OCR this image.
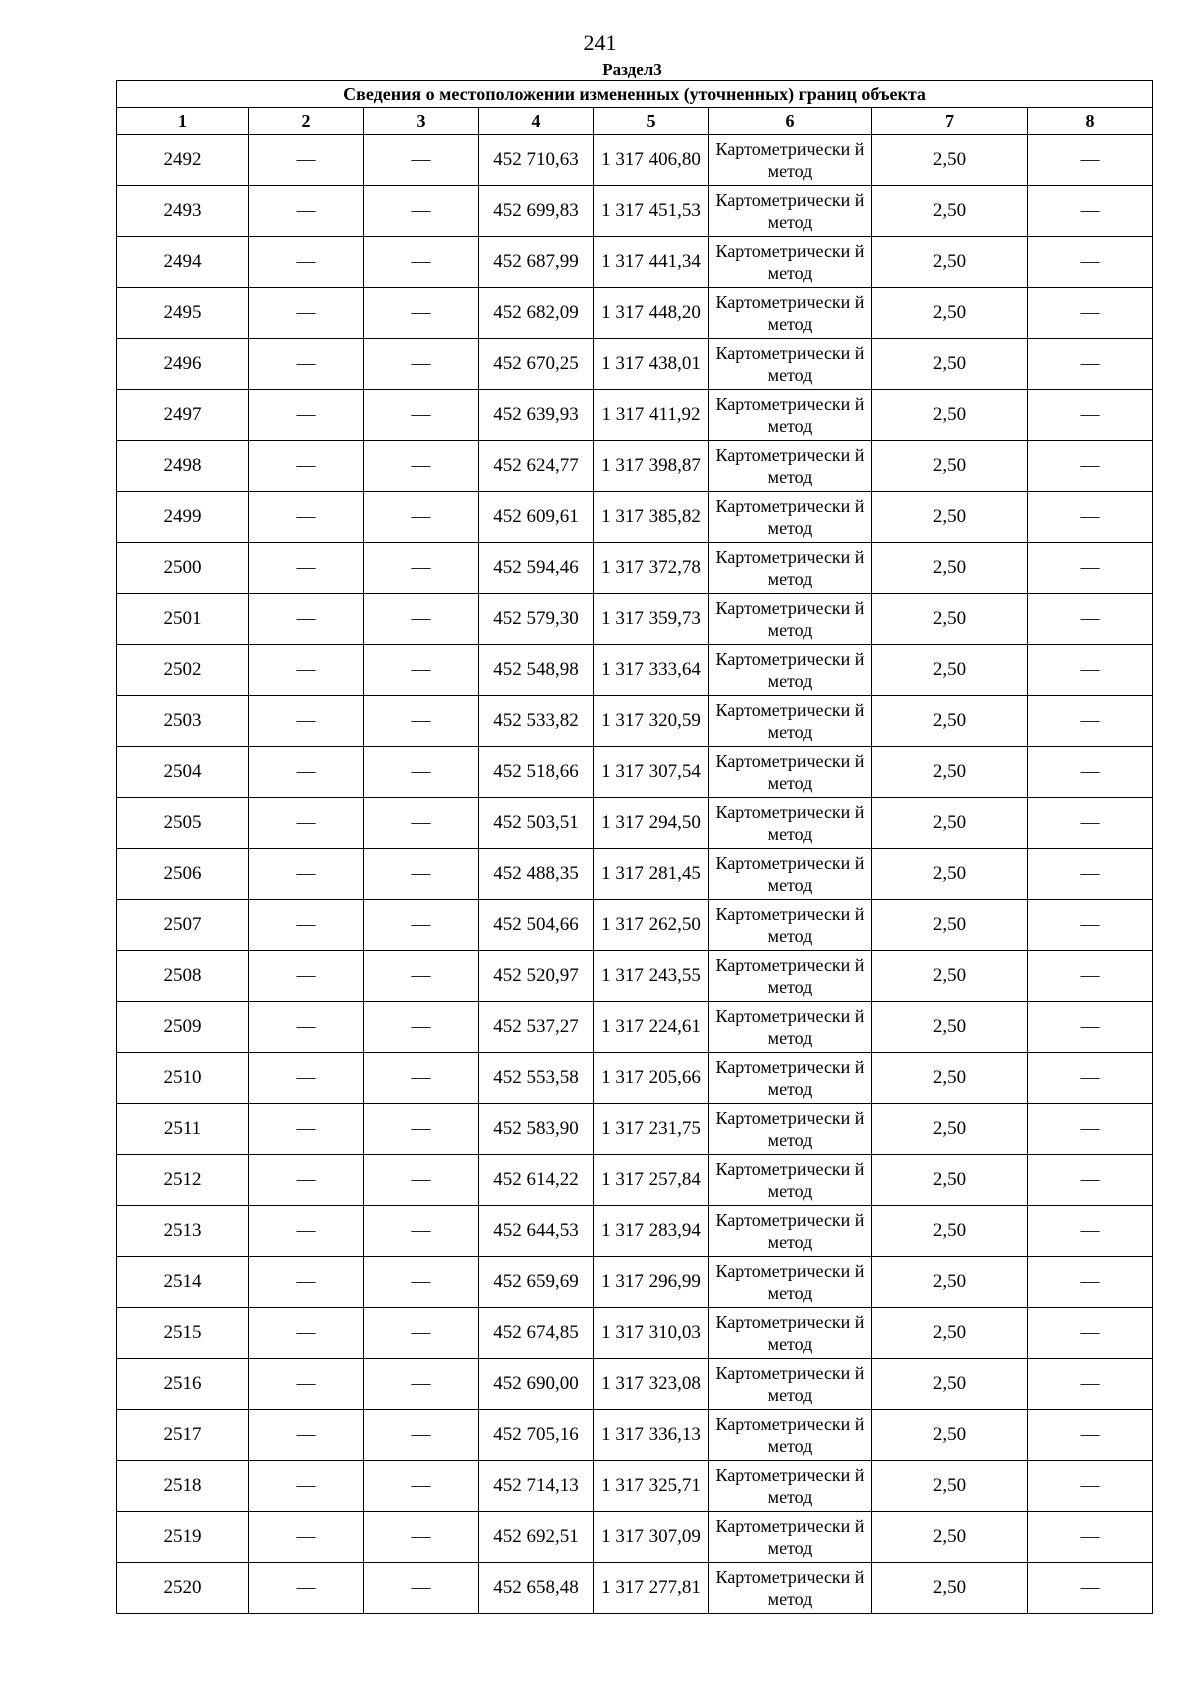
241
Раздел3
Сведения о местоположении измененных (уточненных) границ объекта							
1	2	3	4	5	6	7	8
2492	—	—	452 710,63	1 317 406,80	Картометрически й метод	2,50	—
2493	—	—	452 699,83	1 317 451,53	Картометрически й метод	2,50	—
2494	—	—	452 687,99	1 317 441,34	Картометрически й метод	2,50	—
2495	—	—	452 682,09	1 317 448,20	Картометрически й метод	2,50	—
2496	—	—	452 670,25	1 317 438,01	Картометрически й метод	2,50	—
2497	—	—	452 639,93	1 317 411,92	Картометрически й метод	2,50	—
2498	—	—	452 624,77	1 317 398,87	Картометрически й метод	2,50	—
2499	—	—	452 609,61	1 317 385,82	Картометрически й метод	2,50	—
2500	—	—	452 594,46	1 317 372,78	Картометрически й метод	2,50	—
2501	—	—	452 579,30	1 317 359,73	Картометрически й метод	2,50	—
2502	—	—	452 548,98	1 317 333,64	Картометрически й метод	2,50	—
2503	—	—	452 533,82	1 317 320,59	Картометрически й метод	2,50	—
2504	—	—	452 518,66	1 317 307,54	Картометрически й метод	2,50	—
2505	—	—	452 503,51	1 317 294,50	Картометрически й метод	2,50	—
2506	—	—	452 488,35	1 317 281,45	Картометрически й метод	2,50	—
2507	—	—	452 504,66	1 317 262,50	Картометрически й метод	2,50	—
2508	—	—	452 520,97	1 317 243,55	Картометрически й метод	2,50	—
2509	—	—	452 537,27	1 317 224,61	Картометрически й метод	2,50	—
2510	—	—	452 553,58	1 317 205,66	Картометрически й метод	2,50	—
2511	—	—	452 583,90	1 317 231,75	Картометрически й метод	2,50	—
2512	—	—	452 614,22	1 317 257,84	Картометрически й метод	2,50	—
2513	—	—	452 644,53	1 317 283,94	Картометрически й метод	2,50	—
2514	—	—	452 659,69	1 317 296,99	Картометрически й метод	2,50	—
2515	—	—	452 674,85	1 317 310,03	Картометрически й метод	2,50	—
2516	—	—	452 690,00	1 317 323,08	Картометрически й метод	2,50	—
2517	—	—	452 705,16	1 317 336,13	Картометрически й метод	2,50	—
2518	—	—	452 714,13	1 317 325,71	Картометрически й метод	2,50	—
2519	—	—	452 692,51	1 317 307,09	Картометрически й метод	2,50	—
2520	—	—	452 658,48	1 317 277,81	Картометрически й метод	2,50	—
